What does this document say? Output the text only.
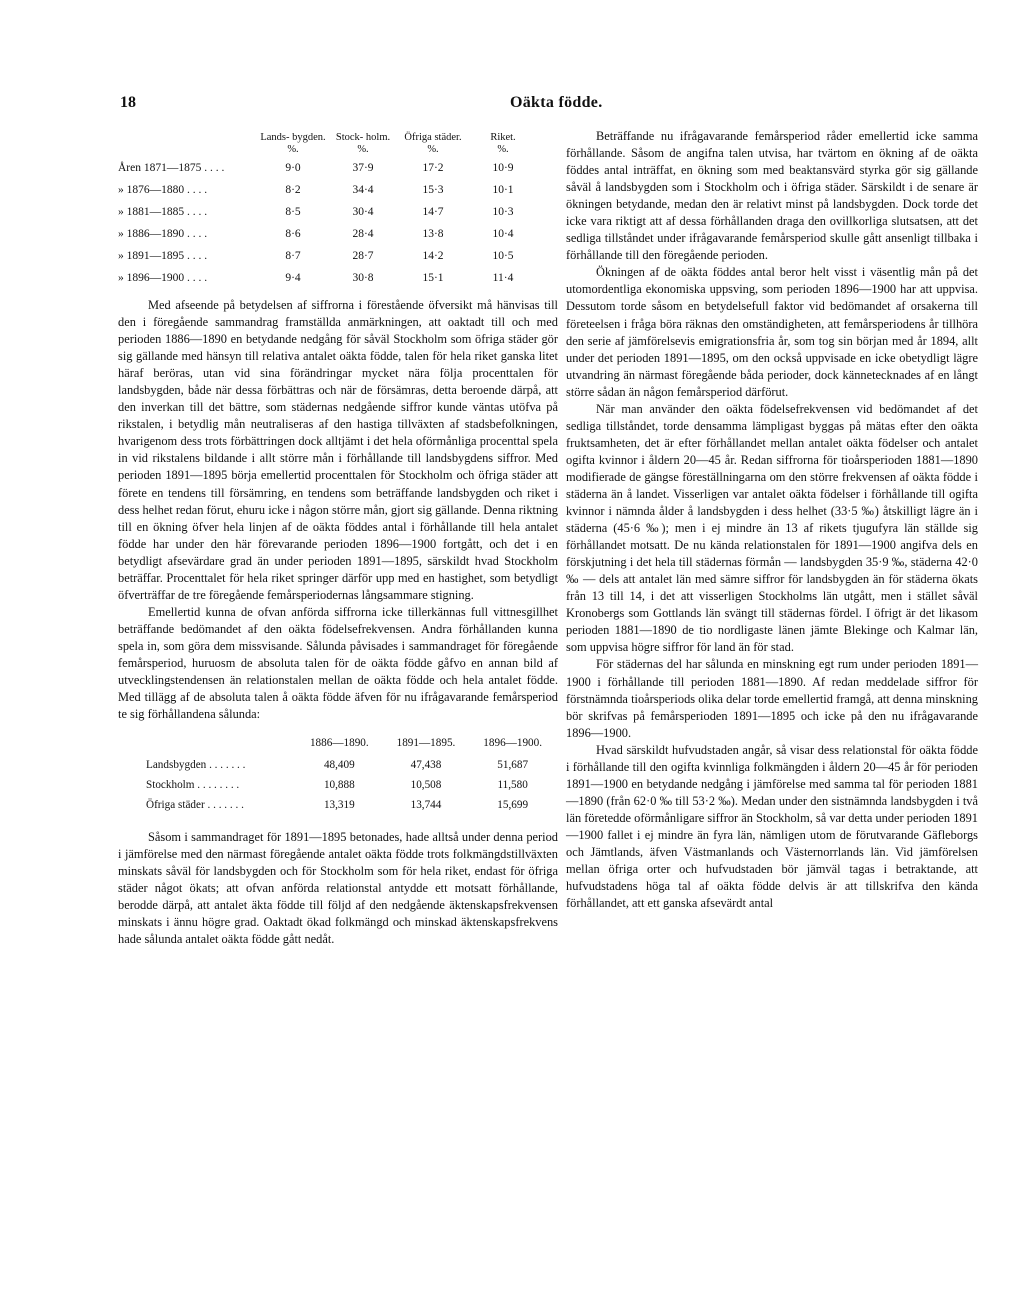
18	Oäkta födde.
	Lands- bygden.	Stock- holm.	Öfriga städer.	Riket.
	%.	%.	%.	%.
Åren 1871—1875 . . . .	9·0	37·9	17·2	10·9
» 1876—1880 . . . .	8·2	34·4	15·3	10·1
» 1881—1885 . . . .	8·5	30·4	14·7	10·3
» 1886—1890 . . . .	8·6	28·4	13·8	10·4
» 1891—1895 . . . .	8·7	28·7	14·2	10·5
» 1896—1900 . . . .	9·4	30·8	15·1	11·4

Med afseende på betydelsen af siffrorna i förestående öfversikt må hänvisas till den i föregående sammandrag framställda anmärkningen, att oaktadt till och med perioden 1886—1890 en betydande nedgång för såväl Stockholm som öfriga städer gör sig gällande med hänsyn till relativa antalet oäkta födde, talen för hela riket ganska litet häraf beröras, utan vid sina förändringar mycket nära följa procenttalen för landsbygden, både när dessa förbättras och när de försämras, detta beroende därpå, att den inverkan till det bättre, som städernas nedgående siffror kunde väntas utöfva på rikstalen, i betydlig mån neutraliseras af den hastiga tillväxten af stadsbefolkningen, hvarigenom dess trots förbättringen dock alltjämt i det hela oförmånliga procenttal spela in vid rikstalens bildande i allt större mån i förhållande till landsbygdens siffror. Med perioden 1891—1895 börja emellertid procenttalen för Stockholm och öfriga städer att förete en tendens till försämring, en tendens som beträffande landsbygden och riket i dess helhet redan förut, ehuru icke i någon större mån, gjort sig gällande. Denna riktning till en ökning öfver hela linjen af de oäkta föddes antal i förhållande till hela antalet födde har under den här förevarande perioden 1896—1900 fortgått, och det i en betydligt afsevärdare grad än under perioden 1891—1895, särskildt hvad Stockholm beträffar. Procenttalet för hela riket springer därför upp med en hastighet, som betydligt öfverträffar de tre föregående femårsperiodernas långsammare stigning.

Emellertid kunna de ofvan anförda siffrorna icke tillerkännas full vittnesgillhet beträffande bedömandet af den oäkta födelsefrekvensen. Andra förhållanden kunna spela in, som göra dem missvisande. Sålunda påvisades i sammandraget för föregående femårsperiod, huruosm de absoluta talen för de oäkta födde gåfvo en annan bild af utvecklingstendensen än relationstalen mellan de oäkta födde och hela antalet födde. Med tillägg af de absoluta talen å oäkta födde äfven för nu ifrågavarande femårsperiod te sig förhållandena sålunda:

	1886—1890.	1891—1895.	1896—1900.
Landsbygden . . . . . . .	48,409	47,438	51,687
Stockholm . . . . . . . .	10,888	10,508	11,580
Öfriga städer . . . . . . .	13,319	13,744	15,699

Såsom i sammandraget för 1891—1895 betonades, hade alltså under denna period i jämförelse med den närmast föregående antalet oäkta födde trots folkmängdstillväxten minskats såväl för landsbygden och för Stockholm som för hela riket, endast för öfriga städer något ökats; att ofvan anförda relationstal antydde ett motsatt förhållande, berodde därpå, att antalet äkta födde till följd af den nedgående äktenskapsfrekvensen minskats i ännu högre grad. Oaktadt ökad folkmängd och minskad äktenskapsfrekvens hade sålunda antalet oäkta födde gått nedåt.

Beträffande nu ifrågavarande femårsperiod råder emellertid icke samma förhållande. Såsom de angifna talen utvisa, har tvärtom en ökning af de oäkta föddes antal inträffat, en ökning som med beaktansvärd styrka gör sig gällande såväl å landsbygden som i Stockholm och i öfriga städer. Särskildt i de senare är ökningen betydande, medan den är relativt minst på landsbygden. Dock torde det icke vara riktigt att af dessa förhållanden draga den ovillkorliga slutsatsen, att det sedliga tillståndet under ifrågavarande femårsperiod skulle gått ansenligt tillbaka i förhållande till den föregående perioden.

Ökningen af de oäkta föddes antal beror helt visst i väsentlig mån på det utomordentliga ekonomiska uppsving, som perioden 1896—1900 har att uppvisa. Dessutom torde såsom en betydelsefull faktor vid bedömandet af orsakerna till företeelsen i fråga böra räknas den omständigheten, att femårsperiodens år tillhöra den serie af jämförelsevis emigrationsfria år, som tog sin början med år 1894, allt under det perioden 1891—1895, om den också uppvisade en icke obetydligt lägre utvandring än närmast föregående båda perioder, dock kännetecknades af en långt större sådan än någon femårsperiod därförut.

När man använder den oäkta födelsefrekvensen vid bedömandet af det sedliga tillståndet, torde densamma lämpligast byggas på mätas efter den oäkta fruktsamheten, det är efter förhållandet mellan antalet oäkta födelser och antalet ogifta kvinnor i åldern 20—45 år. Redan siffrorna för tioårsperioden 1881—1890 modifierade de gängse föreställningarna om den större frekvensen af oäkta födde i städerna än å landet. Visserligen var antalet oäkta födelser i förhållande till ogifta kvinnor i nämnda ålder å landsbygden i dess helhet (33·5 ‰) åtskilligt lägre än i städerna (45·6 ‰); men i ej mindre än 13 af rikets tjugufyra län ställde sig förhållandet motsatt. De nu kända relationstalen för 1891—1900 angifva dels en förskjutning i det hela till städernas förmån — landsbygden 35·9 ‰, städerna 42·0 ‰ — dels att antalet län med sämre siffror för landsbygden än för städerna ökats från 13 till 14, i det att visserligen Stockholms län utgått, men i stället såväl Kronobergs som Gottlands län svängt till städernas fördel. I öfrigt är det likasom perioden 1881—1890 de tio nordligaste länen jämte Blekinge och Kalmar län, som uppvisa högre siffror för land än för stad.

För städernas del har sålunda en minskning egt rum under perioden 1891—1900 i förhållande till perioden 1881—1890. Af redan meddelade siffror för förstnämnda tioårsperiods olika delar torde emellertid framgå, att denna minskning bör skrifvas på femårsperioden 1891—1895 och icke på den nu ifrågavarande 1896—1900.

Hvad särskildt hufvudstaden angår, så visar dess relationstal för oäkta födde i förhållande till den ogifta kvinnliga folkmängden i åldern 20—45 år för perioden 1891—1900 en betydande nedgång i jämförelse med samma tal för perioden 1881—1890 (från 62·0 ‰ till 53·2 ‰). Medan under den sistnämnda landsbygden i två län företedde oförmånligare siffror än Stockholm, så var detta under perioden 1891—1900 fallet i ej mindre än fyra län, nämligen utom de förutvarande Gäfleborgs och Jämtlands, äfven Västmanlands och Västernorrlands län. Vid jämförelsen mellan öfriga orter och hufvudstaden bör jämväl tagas i betraktande, att hufvudstadens höga tal af oäkta födde delvis är att tillskrifva den kända förhållandet, att ett ganska afsevärdt antal
